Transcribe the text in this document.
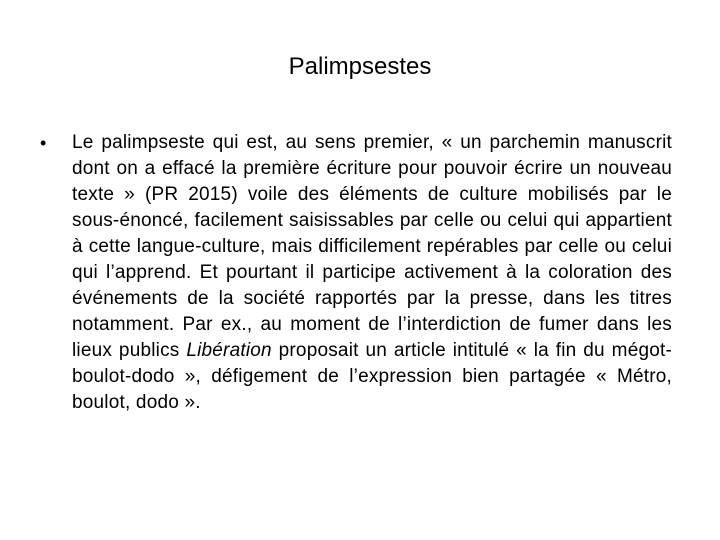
Palimpsestes
• Le palimpseste qui est, au sens premier, « un parchemin manuscrit dont on a effacé la première écriture pour pouvoir écrire un nouveau texte » (PR 2015) voile des éléments de culture mobilisés par le sous-énoncé, facilement saisissables par celle ou celui qui appartient à cette langue-culture, mais difficilement repérables par celle ou celui qui l’apprend. Et pourtant il participe activement à la coloration des événements de la société rapportés par la presse, dans les titres notamment. Par ex., au moment de l’interdiction de fumer dans les lieux publics Libération proposait un article intitulé « la fin du mégot-boulot-dodo », défigement de l’expression bien partagée « Métro, boulot, dodo ».
